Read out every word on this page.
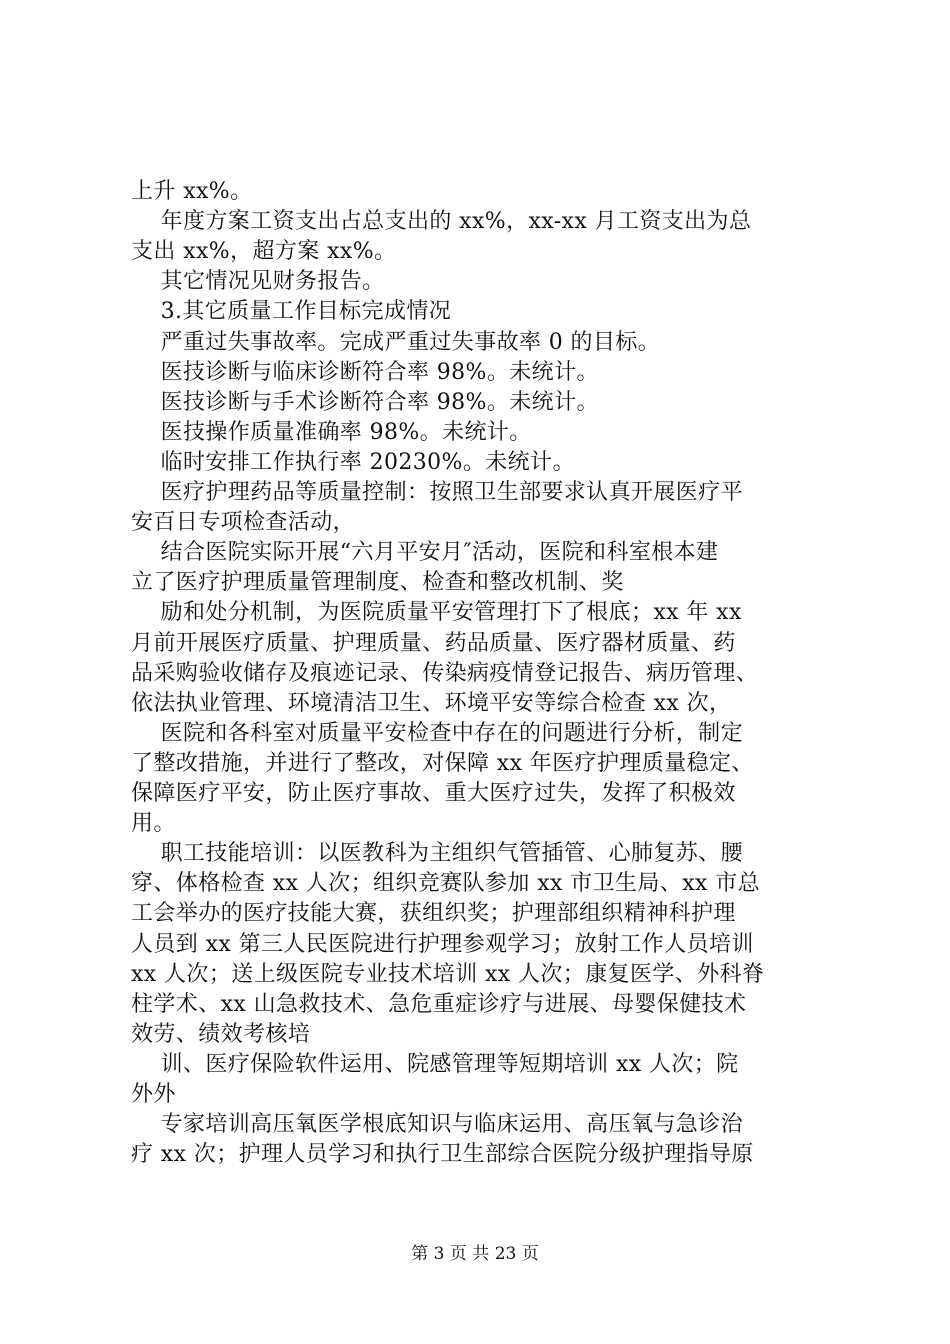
上升 xx%。
年度方案工资支出占总支出的 xx%，xx-xx 月工资支出为总
支出 xx%，超方案 xx%。
其它情况见财务报告。
3.其它质量工作目标完成情况
严重过失事故率。完成严重过失事故率 0 的目标。
医技诊断与临床诊断符合率 98%。未统计。
医技诊断与手术诊断符合率 98%。未统计。
医技操作质量准确率 98%。未统计。
临时安排工作执行率 20230%。未统计。
医疗护理药品等质量控制：按照卫生部要求认真开展医疗平
安百日专项检查活动，
结合医院实际开展“六月平安月″活动，医院和科室根本建
立了医疗护理质量管理制度、检查和整改机制、奖
励和处分机制，为医院质量平安管理打下了根底；xx 年 xx
月前开展医疗质量、护理质量、药品质量、医疗器材质量、药
品采购验收储存及痕迹记录、传染病疫情登记报告、病历管理、
依法执业管理、环境清洁卫生、环境平安等综合检查 xx 次，
医院和各科室对质量平安检查中存在的问题进行分析，制定
了整改措施，并进行了整改，对保障 xx 年医疗护理质量稳定、
保障医疗平安，防止医疗事故、重大医疗过失，发挥了积极效
用。
职工技能培训：以医教科为主组织气管插管、心肺复苏、腰
穿、体格检查 xx 人次；组织竞赛队参加 xx 市卫生局、xx 市总
工会举办的医疗技能大赛，获组织奖；护理部组织精神科护理
人员到 xx 第三人民医院进行护理参观学习；放射工作人员培训
xx 人次；送上级医院专业技术培训 xx 人次；康复医学、外科脊
柱学术、xx 山急救技术、急危重症诊疗与进展、母婴保健技术
效劳、绩效考核培
训、医疗保险软件运用、院感管理等短期培训 xx 人次；院
外外
专家培训高压氧医学根底知识与临床运用、高压氧与急诊治
疗 xx 次；护理人员学习和执行卫生部综合医院分级护理指导原
第 3 页 共 23 页
